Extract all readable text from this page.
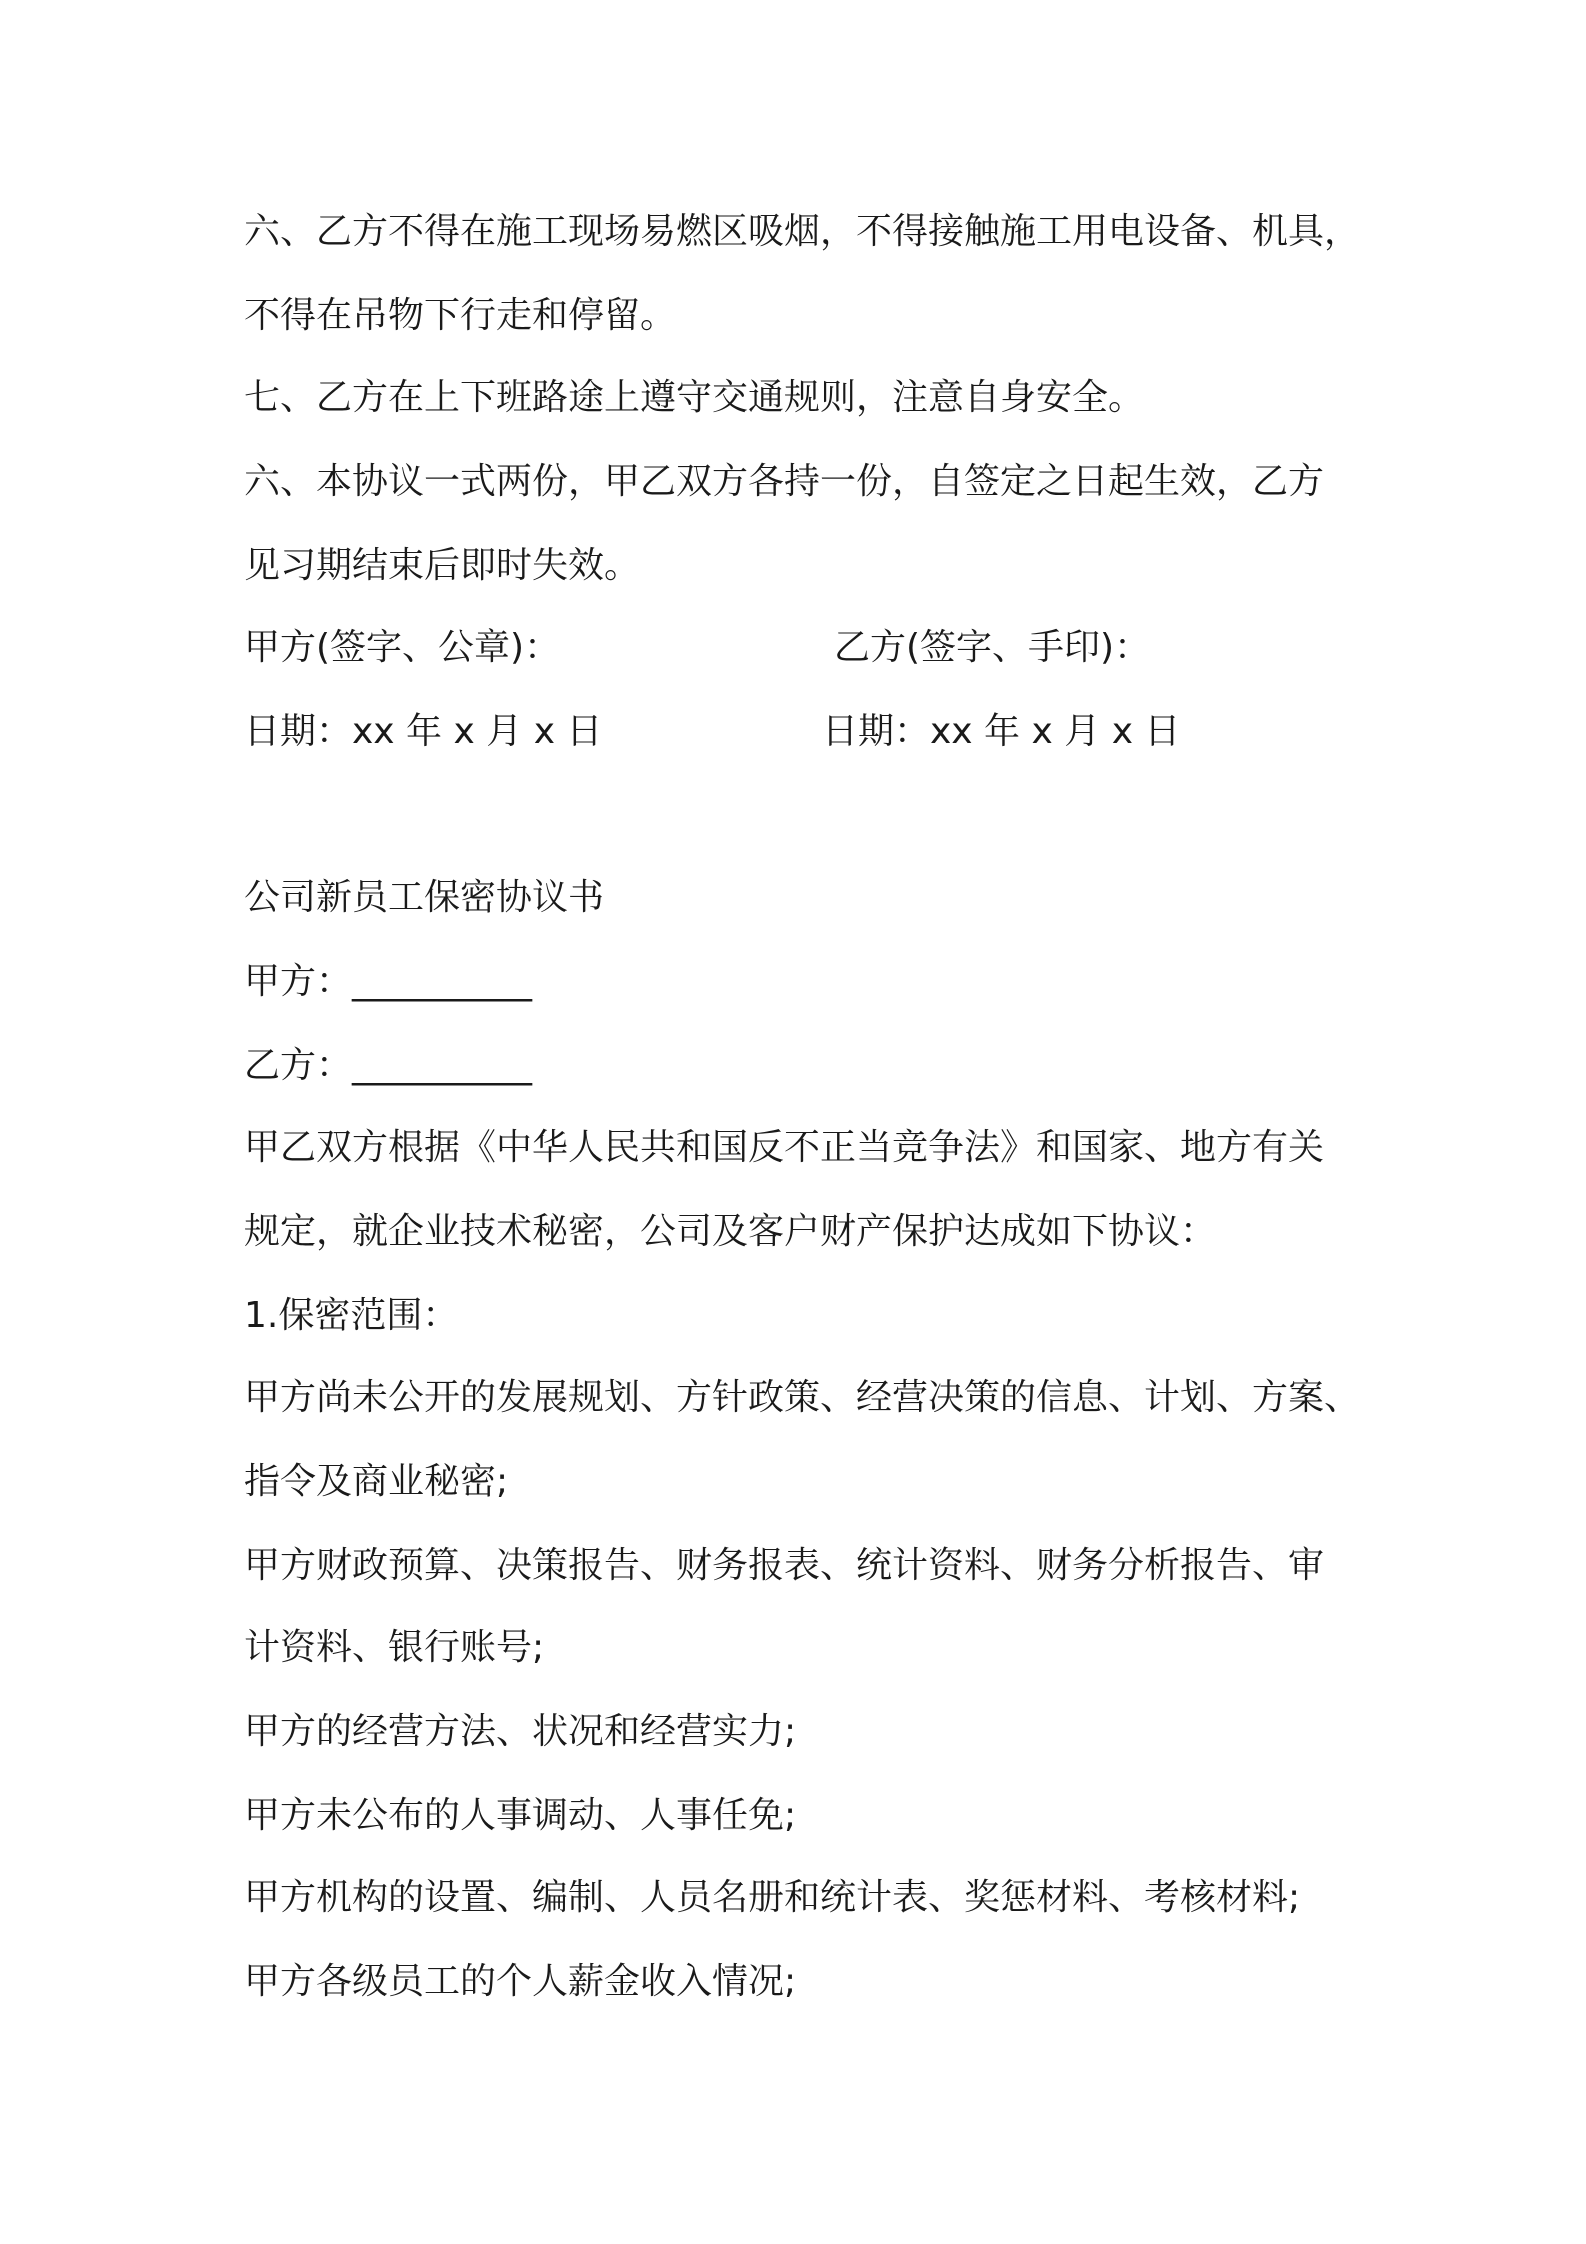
六、乙方不得在施工现场易燃区吸烟，不得接触施工用电设备、机具，
不得在吊物下行走和停留。
七、乙方在上下班路途上遵守交通规则，注意自身安全。
六、本协议一式两份，甲乙双方各持一份，自签定之日起生效，乙方
见习期结束后即时失效。
甲方(签字、公章)：	乙方(签字、手印)：
日期：xx 年 x 月 x 日	日期：xx 年 x 月 x 日
公司新员工保密协议书
甲方：__________
乙方：__________
甲乙双方根据《中华人民共和国反不正当竞争法》和国家、地方有关
规定，就企业技术秘密，公司及客户财产保护达成如下协议：
1.保密范围：
甲方尚未公开的发展规划、方针政策、经营决策的信息、计划、方案、
指令及商业秘密;
甲方财政预算、决策报告、财务报表、统计资料、财务分析报告、审
计资料、银行账号;
甲方的经营方法、状况和经营实力;
甲方未公布的人事调动、人事任免;
甲方机构的设置、编制、人员名册和统计表、奖惩材料、考核材料;
甲方各级员工的个人薪金收入情况;
